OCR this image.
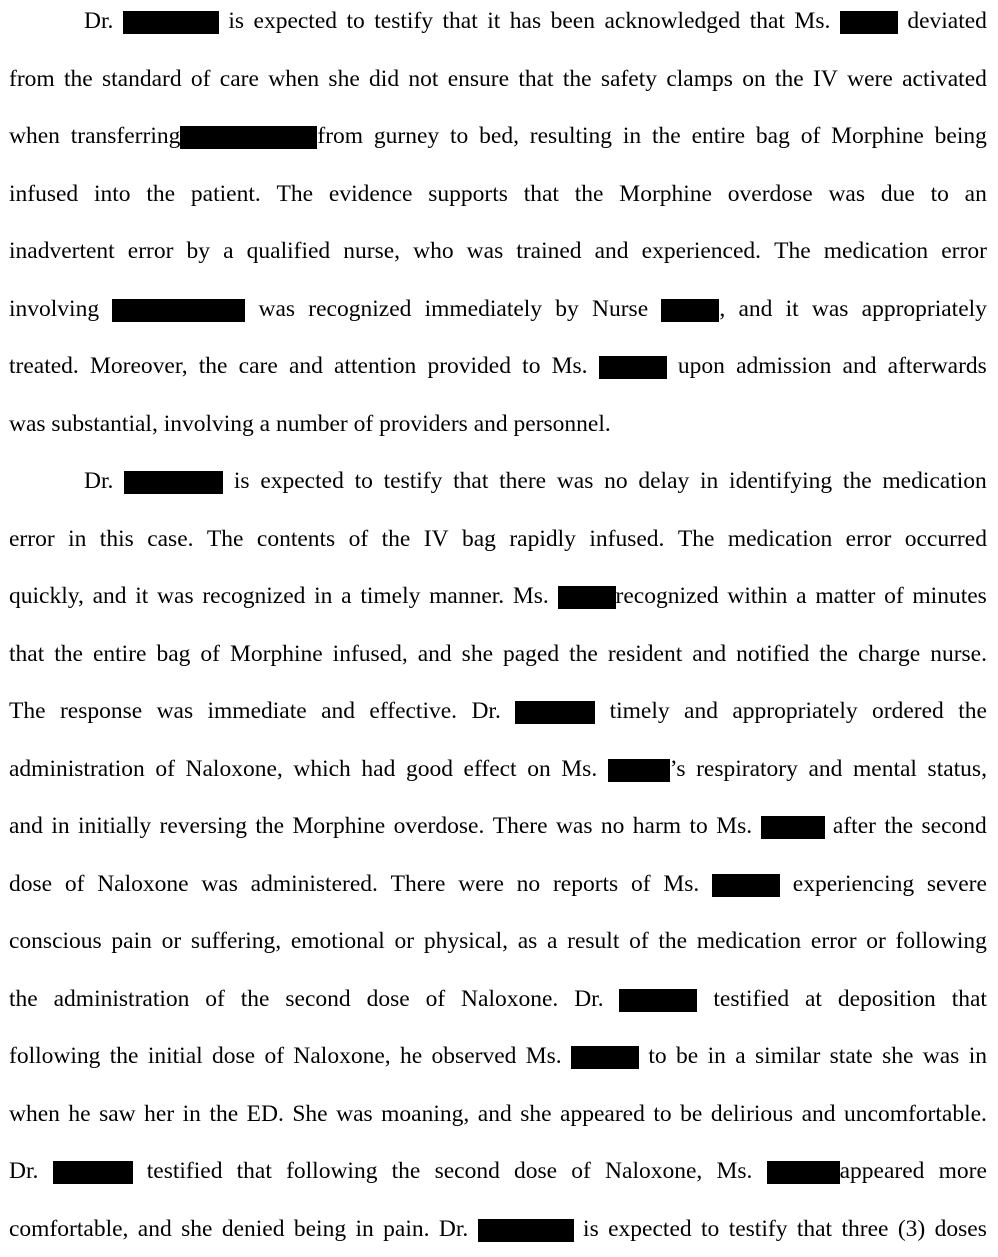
Dr.	is expected to testify that it has been acknowledged that Ms.	deviated
from the standard of care when she did not ensure that the safety clamps on the IV were activated
when transferring	from gurney to bed, resulting in the entire bag of Morphine being
infused into the patient. The evidence supports that the Morphine overdose was due to an
inadvertent error by a qualified nurse, who was trained and experienced. The medication error
involving	was recognized immediately by Nurse	, and it was appropriately
treated. Moreover, the care and attention provided to Ms.	upon admission and afterwards
was substantial, involving a number of providers and personnel.
Dr.	is expected to testify that there was no delay in identifying the medication
error in this case. The contents of the IV bag rapidly infused. The medication error occurred
quickly, and it was recognized in a timely manner. Ms.	recognized within a matter of minutes
that the entire bag of Morphine infused, and she paged the resident and notified the charge nurse.
The response was immediate and effective. Dr.	timely and appropriately ordered the
administration of Naloxone, which had good effect on Ms.	’s respiratory and mental status,
and in initially reversing the Morphine overdose. There was no harm to Ms.	after the second
dose of Naloxone was administered. There were no reports of Ms.	experiencing severe
conscious pain or suffering, emotional or physical, as a result of the medication error or following
the administration of the second dose of Naloxone. Dr.	testified at deposition that
following the initial dose of Naloxone, he observed Ms.	to be in a similar state she was in
when he saw her in the ED. She was moaning, and she appeared to be delirious and uncomfortable.
Dr.	testified that following the second dose of Naloxone, Ms.	appeared more
comfortable, and she denied being in pain. Dr.	is expected to testify that three (3) doses
